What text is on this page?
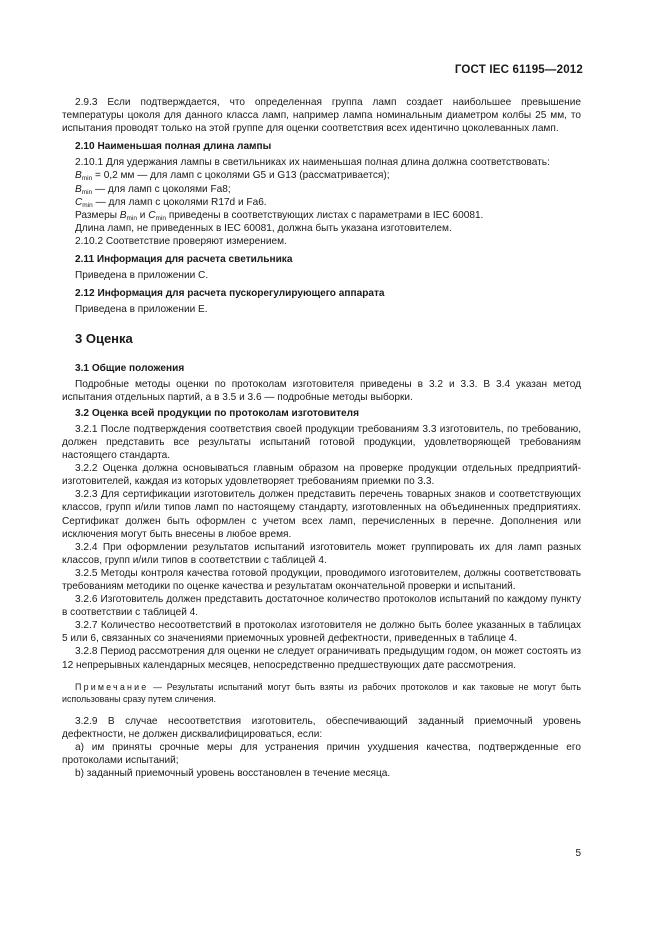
ГОСТ IEC 61195—2012

2.9.3 Если подтверждается, что определенная группа ламп создает наибольшее превышение температуры цоколя для данного класса ламп, например лампа номинальным диаметром колбы 25 мм, то испытания проводят только на этой группе для оценки соответствия всех идентично цоколеванных ламп.

2.10 Наименьшая полная длина лампы

2.10.1 Для удержания лампы в светильниках их наименьшая полная длина должна соответствовать:

$B_{min} = 0,2$ мм — для ламп с цоколями G5 и G13 (рассматривается);

$B_{min}$ — для ламп с цоколями Fa8;

$C_{min}$ — для ламп с цоколями R17d и Fa6.

Размеры $B_{min}$ и $C_{min}$ приведены в соответствующих листах с параметрами в IEC 60081.

Длина ламп, не приведенных в IEC 60081, должна быть указана изготовителем.

2.10.2 Соответствие проверяют измерением.

2.11 Информация для расчета светильника

Приведена в приложении С.

2.12 Информация для расчета пускорегулирующего аппарата

Приведена в приложении Е.

3 Оценка

3.1 Общие положения

Подробные методы оценки по протоколам изготовителя приведены в 3.2 и 3.3. В 3.4 указан метод испытания отдельных партий, а в 3.5 и 3.6 — подробные методы выборки.

3.2 Оценка всей продукции по протоколам изготовителя

3.2.1 После подтверждения соответствия своей продукции требованиям 3.3 изготовитель, по требованию, должен представить все результаты испытаний готовой продукции, удовлетворяющей требованиям настоящего стандарта.

3.2.2 Оценка должна основываться главным образом на проверке продукции отдельных предприятий-изготовителей, каждая из которых удовлетворяет требованиям приемки по 3.3.

3.2.3 Для сертификации изготовитель должен представить перечень товарных знаков и соответствующих классов, групп и/или типов ламп по настоящему стандарту, изготовленных на объединенных предприятиях. Сертификат должен быть оформлен с учетом всех ламп, перечисленных в перечне. Дополнения или исключения могут быть внесены в любое время.

3.2.4 При оформлении результатов испытаний изготовитель может группировать их для ламп разных классов, групп и/или типов в соответствии с таблицей 4.

3.2.5 Методы контроля качества готовой продукции, проводимого изготовителем, должны соответствовать требованиям методики по оценке качества и результатам окончательной проверки и испытаний.

3.2.6 Изготовитель должен представить достаточное количество протоколов испытаний по каждому пункту в соответствии с таблицей 4.

3.2.7 Количество несоответствий в протоколах изготовителя не должно быть более указанных в таблицах 5 или 6, связанных со значениями приемочных уровней дефектности, приведенных в таблице 4.

3.2.8 Период рассмотрения для оценки не следует ограничивать предыдущим годом, он может состоять из 12 непрерывных календарных месяцев, непосредственно предшествующих дате рассмотрения.

Примечание — Результаты испытаний могут быть взяты из рабочих протоколов и как таковые не могут быть использованы сразу путем сличения.

3.2.9 В случае несоответствия изготовитель, обеспечивающий заданный приемочный уровень дефектности, не должен дисквалифицироваться, если:

а) им приняты срочные меры для устранения причин ухудшения качества, подтвержденные его протоколами испытаний;

b) заданный приемочный уровень восстановлен в течение месяца.

5
